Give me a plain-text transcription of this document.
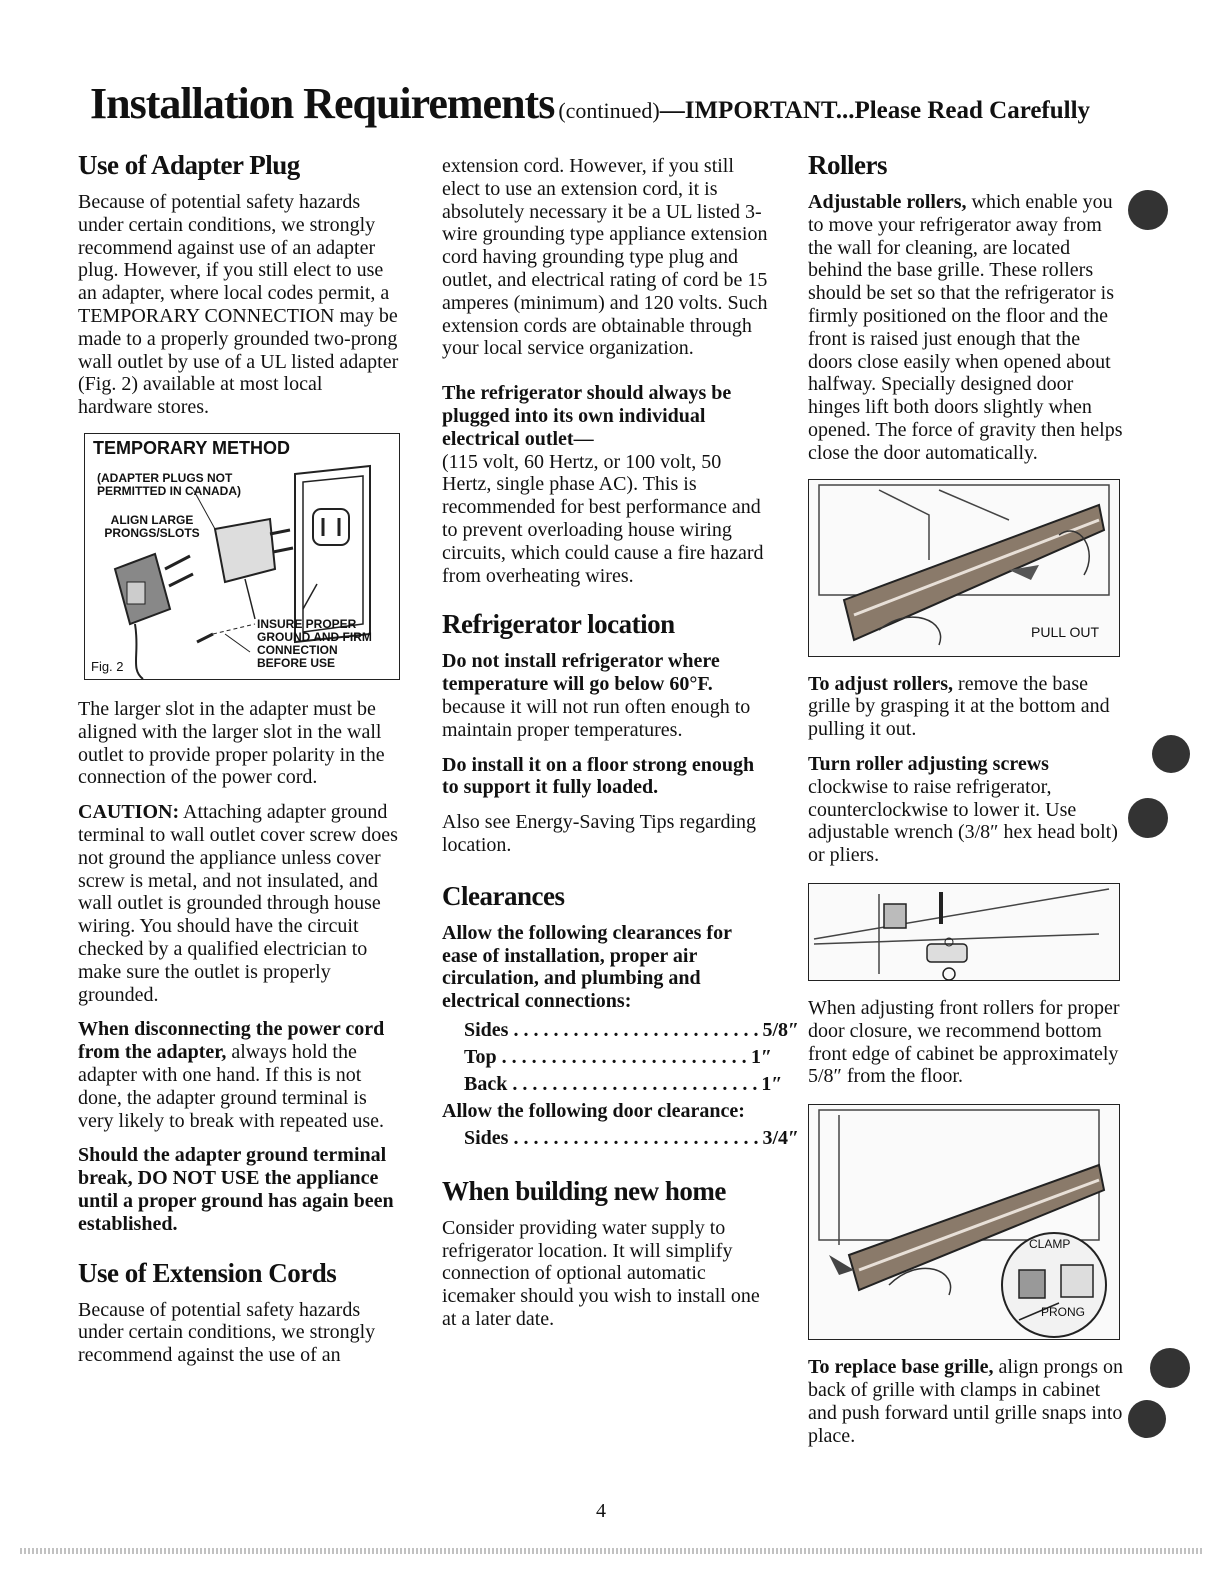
Installation Requirements (continued)—IMPORTANT...Please Read Carefully
Use of Adapter Plug

Because of potential safety hazards under certain conditions, we strongly recommend against use of an adapter plug. However, if you still elect to use an adapter, where local codes permit, a TEMPORARY CONNECTION may be made to a properly grounded two-prong wall outlet by use of a UL listed adapter (Fig. 2) available at most local hardware stores.

TEMPORARY METHOD
(ADAPTER PLUGS NOT PERMITTED IN CANADA)
ALIGN LARGE PRONGS/SLOTS
INSURE PROPER GROUND AND FIRM CONNECTION BEFORE USE
Fig. 2

The larger slot in the adapter must be aligned with the larger slot in the wall outlet to provide proper polarity in the connection of the power cord.

CAUTION: Attaching adapter ground terminal to wall outlet cover screw does not ground the appliance unless cover screw is metal, and not insulated, and wall outlet is grounded through house wiring. You should have the circuit checked by a qualified electrician to make sure the outlet is properly grounded.

When disconnecting the power cord from the adapter, always hold the adapter with one hand. If this is not done, the adapter ground terminal is very likely to break with repeated use.

Should the adapter ground terminal break, DO NOT USE the appliance until a proper ground has again been established.

Use of Extension Cords

Because of potential safety hazards under certain conditions, we strongly recommend against the use of an

extension cord. However, if you still elect to use an extension cord, it is absolutely necessary it be a UL listed 3-wire grounding type appliance extension cord having grounding type plug and outlet, and electrical rating of cord be 15 amperes (minimum) and 120 volts. Such extension cords are obtainable through your local service organization.

The refrigerator should always be plugged into its own individual electrical outlet—
(115 volt, 60 Hertz, or 100 volt, 50 Hertz, single phase AC). This is recommended for best performance and to prevent overloading house wiring circuits, which could cause a fire hazard from overheating wires.

Refrigerator location

Do not install refrigerator where temperature will go below 60°F.
because it will not run often enough to maintain proper temperatures.

Do install it on a floor strong enough to support it fully loaded.

Also see Energy-Saving Tips regarding location.

Clearances

Allow the following clearances for ease of installation, proper air circulation, and plumbing and electrical connections:

Sides . . . . . . . . . . . . . . . . . . . . . . . . . 5/8″
Top . . . . . . . . . . . . . . . . . . . . . . . . . 1″
Back . . . . . . . . . . . . . . . . . . . . . . . . . 1″

Allow the following door clearance:

Sides . . . . . . . . . . . . . . . . . . . . . . . . . 3/4″
When building new home

Consider providing water supply to refrigerator location. It will simplify connection of optional automatic icemaker should you wish to install one at a later date.

Rollers

Adjustable rollers, which enable you to move your refrigerator away from the wall for cleaning, are located behind the base grille. These rollers should be set so that the refrigerator is firmly positioned on the floor and the front is raised just enough that the doors close easily when opened about halfway. Specially designed door hinges lift both doors slightly when opened. The force of gravity then helps close the door automatically.

PULL OUT

To adjust rollers, remove the base grille by grasping it at the bottom and pulling it out.

Turn roller adjusting screws
clockwise to raise refrigerator, counterclockwise to lower it. Use adjustable wrench (3/8″ hex head bolt) or pliers.

When adjusting front rollers for proper door closure, we recommend bottom front edge of cabinet be approximately 5/8″ from the floor.

CLAMP
PRONG

To replace base grille, align prongs on back of grille with clamps in cabinet and push forward until grille snaps into place.

4
